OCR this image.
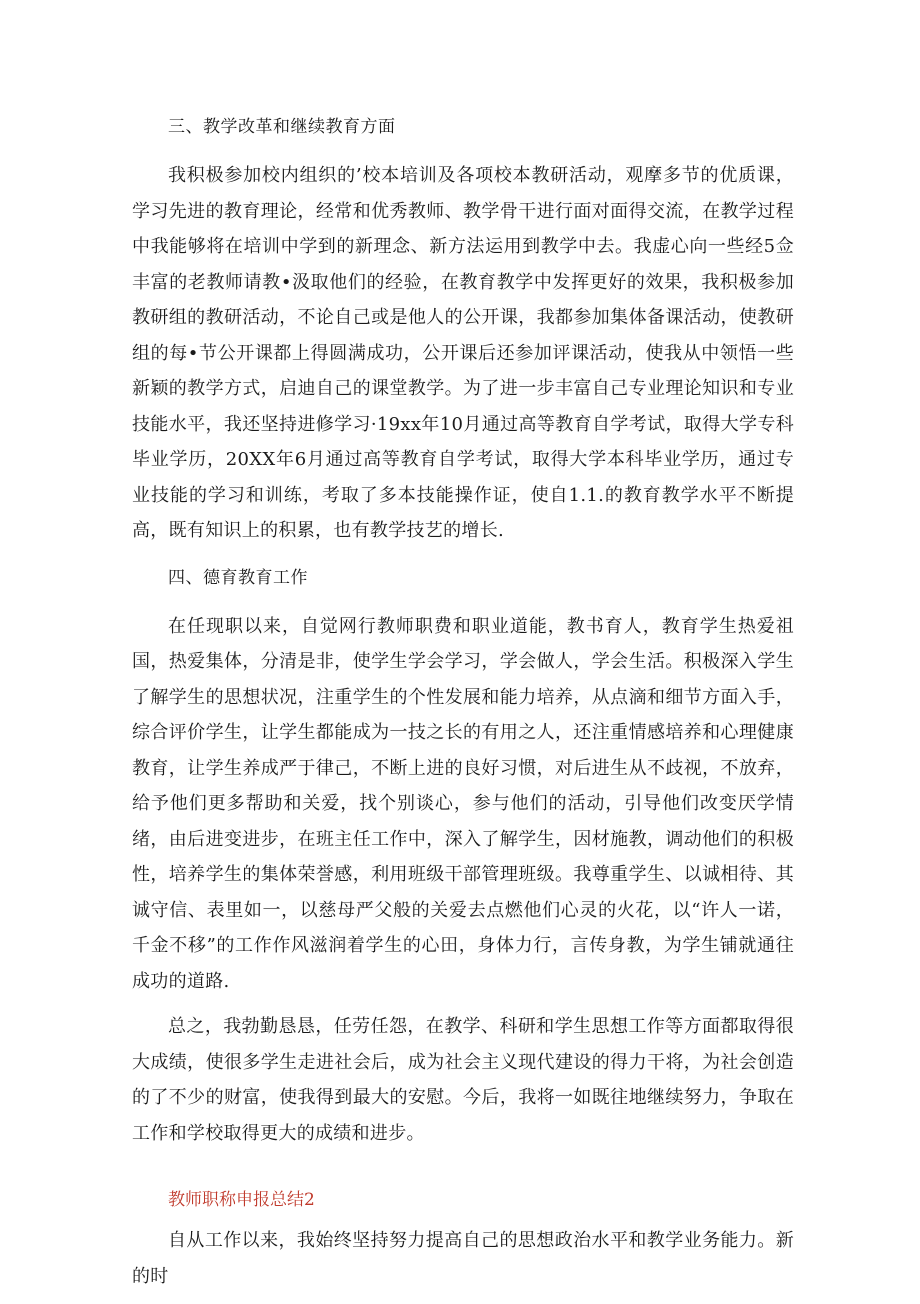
三、教学改革和继续教育方面

我积极参加校内组织的’校本培训及各项校本教研活动，观摩多节的优质课，学习先进的教育理论，经常和优秀教师、教学骨干进行面对面得交流，在教学过程中我能够将在培训中学到的新理念、新方法运用到教学中去。我虚心向一些经5佥丰富的老教师请教•汲取他们的经验，在教育教学中发挥更好的效果，我积极参加教研组的教研活动，不论自己或是他人的公开课，我都参加集体备课活动，使教研组的每•节公开课都上得圆满成功，公开课后还参加评课活动，使我从中领悟一些新颖的教学方式，启迪自己的课堂教学。为了进一步丰富自己专业理论知识和专业技能水平，我还坚持进修学习·19xx年10月通过高等教育自学考试，取得大学专科毕业学历，20XX年6月通过高等教育自学考试，取得大学本科毕业学历，通过专业技能的学习和训练，考取了多本技能操作证，使自1.1.的教育教学水平不断提高，既有知识上的积累，也有教学技艺的增长.

四、德育教育工作

在任现职以来，自觉网行教师职费和职业道能，教书育人，教育学生热爱祖国，热爱集体，分清是非，使学生学会学习，学会做人，学会生活。积极深入学生了解学生的思想状况，注重学生的个性发展和能力培养，从点滴和细节方面入手，综合评价学生，让学生都能成为一技之长的有用之人，还注重情感培养和心理健康教育，让学生养成严于律己，不断上进的良好习惯，对后进生从不歧视，不放弃，给予他们更多帮助和关爱，找个别谈心，参与他们的活动，引导他们改变厌学情绪，由后进变进步，在班主任工作中，深入了解学生，因材施教，调动他们的积极性，培养学生的集体荣誉感，利用班级干部管理班级。我尊重学生、以诚相待、其诚守信、表里如一，以慈母严父般的关爱去点燃他们心灵的火花，以“许人一诺，千金不移”的工作作风滋润着学生的心田，身体力行，言传身教，为学生铺就通往成功的道路.

总之，我勃勤恳恳，任劳任怨，在教学、科研和学生思想工作等方面都取得很大成绩，使很多学生走进社会后，成为社会主义现代建设的得力干将，为社会创造的了不少的财富，使我得到最大的安慰。今后，我将一如既往地继续努力，争取在工作和学校取得更大的成绩和进步。

教师职称申报总结2

自从工作以来，我始终坚持努力提高自己的思想政治水平和教学业务能力。新的时
